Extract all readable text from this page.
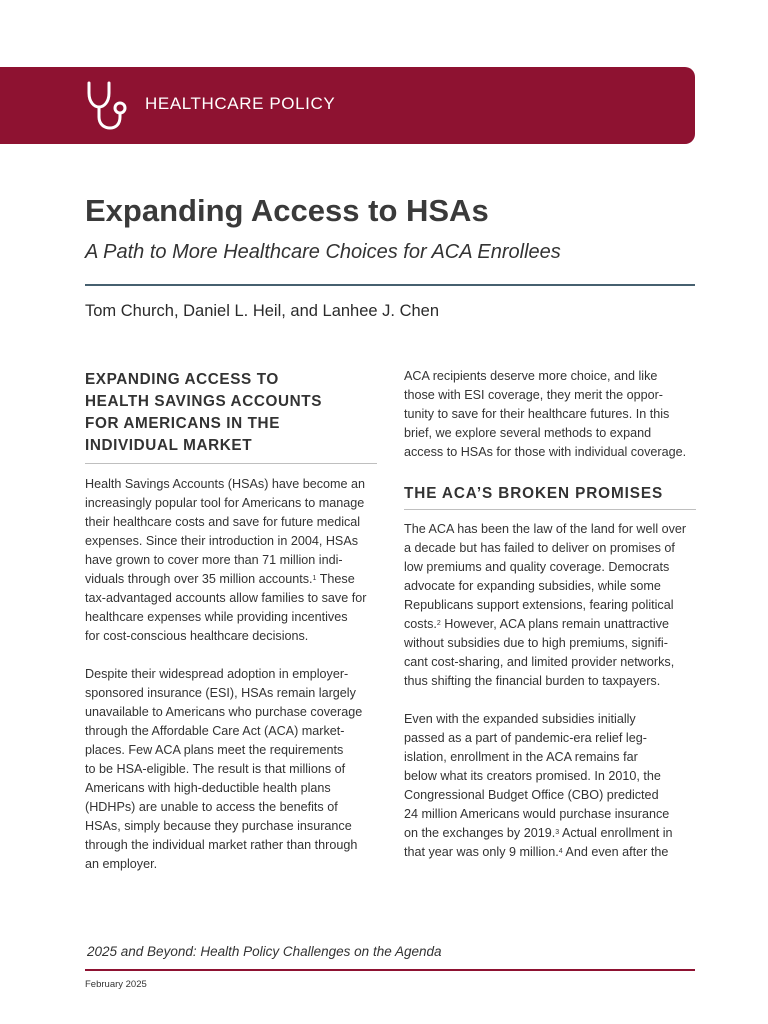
HEALTHCARE POLICY
Expanding Access to HSAs
A Path to More Healthcare Choices for ACA Enrollees
Tom Church, Daniel L. Heil, and Lanhee J. Chen
EXPANDING ACCESS TO
HEALTH SAVINGS ACCOUNTS
FOR AMERICANS IN THE
INDIVIDUAL MARKET

Health Savings Accounts (HSAs) have become an
increasingly popular tool for Americans to manage
their healthcare costs and save for future medical
expenses. Since their introduction in 2004, HSAs
have grown to cover more than 71 million indi-
viduals through over 35 million accounts.$^1$ These
tax-advantaged accounts allow families to save for
healthcare expenses while providing incentives
for cost-conscious healthcare decisions.

Despite their widespread adoption in employer-
sponsored insurance (ESI), HSAs remain largely
unavailable to Americans who purchase coverage
through the Affordable Care Act (ACA) market-
places. Few ACA plans meet the requirements
to be HSA-eligible. The result is that millions of
Americans with high-deductible health plans
(HDHPs) are unable to access the benefits of
HSAs, simply because they purchase insurance
through the individual market rather than through
an employer.

ACA recipients deserve more choice, and like
those with ESI coverage, they merit the oppor-
tunity to save for their healthcare futures. In this
brief, we explore several methods to expand
access to HSAs for those with individual coverage.

THE ACA’S BROKEN PROMISES

The ACA has been the law of the land for well over
a decade but has failed to deliver on promises of
low premiums and quality coverage. Democrats
advocate for expanding subsidies, while some
Republicans support extensions, fearing political
costs.$^2$ However, ACA plans remain unattractive
without subsidies due to high premiums, signifi-
cant cost-sharing, and limited provider networks,
thus shifting the financial burden to taxpayers.

Even with the expanded subsidies initially
passed as a part of pandemic-era relief leg-
islation, enrollment in the ACA remains far
below what its creators promised. In 2010, the
Congressional Budget Office (CBO) predicted
24 million Americans would purchase insurance
on the exchanges by 2019.$^3$ Actual enrollment in
that year was only 9 million.$^4$ And even after the

2025 and Beyond: Health Policy Challenges on the Agenda
February 2025
